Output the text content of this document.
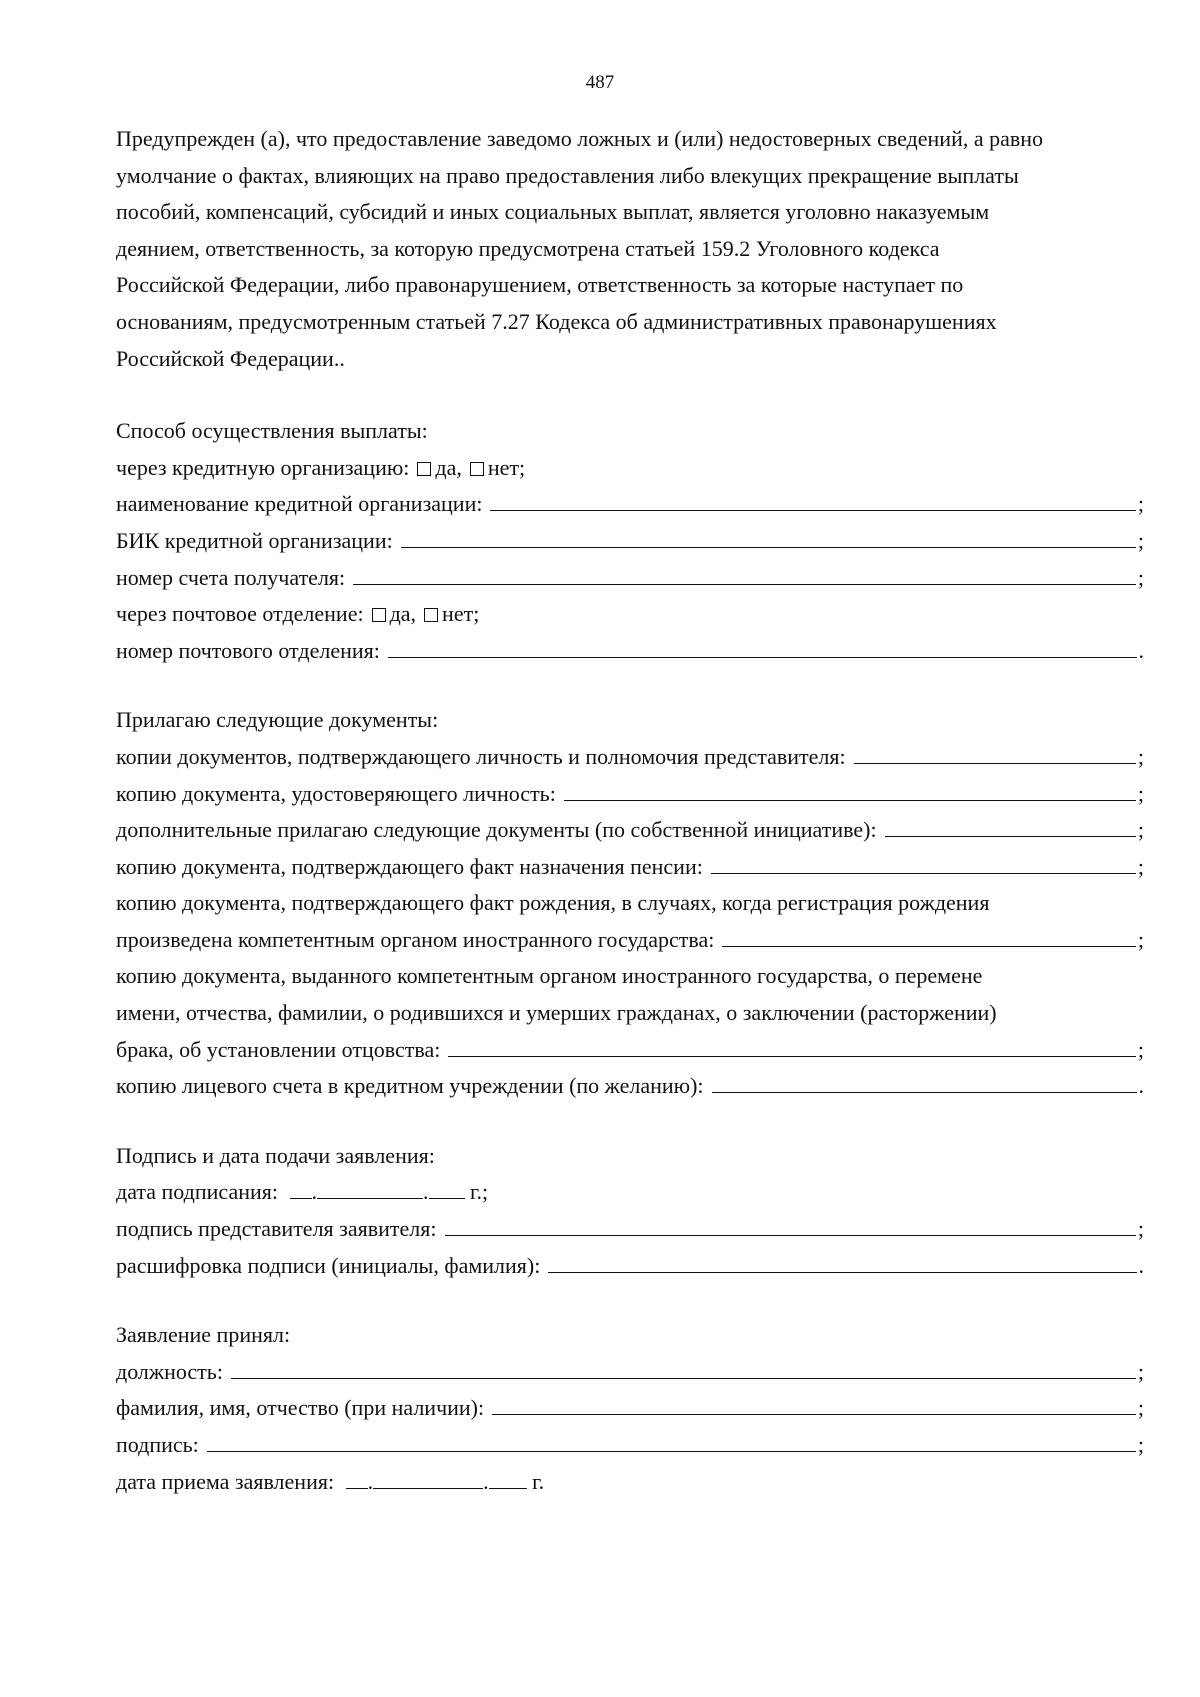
487

Предупрежден (а), что предоставление заведомо ложных и (или) недостоверных сведений, а равно

умолчание о фактах, влияющих на право предоставления либо влекущих прекращение выплаты

пособий, компенсаций, субсидий и иных социальных выплат, является уголовно наказуемым

деянием, ответственность, за которую предусмотрена статьей 159.2 Уголовного кодекса

Российской Федерации, либо правонарушением, ответственность за которые наступает по

основаниям, предусмотренным статьей 7.27 Кодекса об административных правонарушениях

Российской Федерации..

Способ осуществления выплаты:
через кредитную организацию: да, нет;
наименование кредитной организации:	;
БИК кредитной организации:	;
номер счета получателя:	;
через почтовое отделение: да, нет;
номер почтового отделения:	.
Прилагаю следующие документы:
копии документов, подтверждающего личность и полномочия представителя:	;
копию документа, удостоверяющего личность:	;
дополнительные прилагаю следующие документы (по собственной инициативе):	;
копию документа, подтверждающего факт назначения пенсии:	;
копию документа, подтверждающего факт рождения, в случаях, когда регистрация рождения
произведена компетентным органом иностранного государства:	;
копию документа, выданного компетентным органом иностранного государства, о перемене
имени, отчества, фамилии, о родившихся и умерших гражданах, о заключении (расторжении)
брака, об установлении отцовства:	;
копию лицевого счета в кредитном учреждении (по желанию):	.
Подпись и дата подачи заявления:
дата подписания: .	. г.;
подпись представителя заявителя:	;
расшифровка подписи (инициалы, фамилия):	.
Заявление принял:
должность:	;
фамилия, имя, отчество (при наличии):	;
подпись:	;
дата приема заявления: .	. г.
